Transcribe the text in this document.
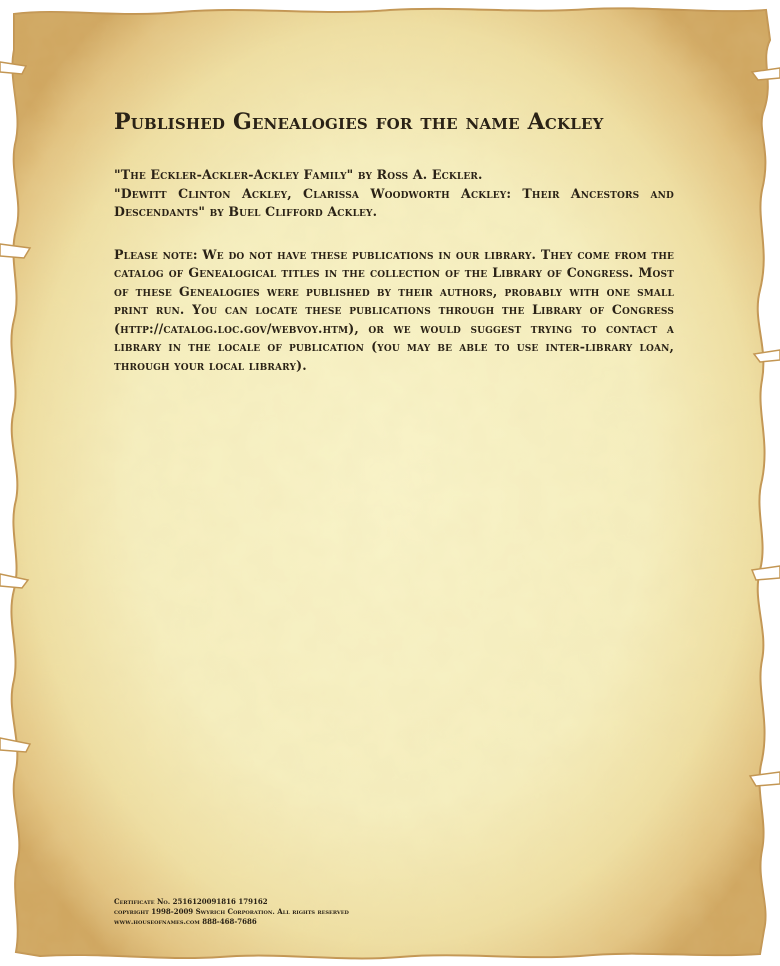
Published Genealogies for the name Ackley
"The Eckler-Ackler-Ackley Family" by Ross A. Eckler.
"Dewitt Clinton Ackley, Clarissa Woodworth Ackley: Their Ancestors and Descendants" by Buel Clifford Ackley.

Please note: We do not have these publications in our library. They come from the catalog of Genealogical titles in the collection of the Library of Congress. Most of these Genealogies were published by their authors, probably with one small print run. You can locate these publications through the Library of Congress (http://catalog.loc.gov/webvoy.htm), or we would suggest trying to contact a library in the locale of publication (you may be able to use inter-library loan, through your local library).

Certificate No. 2516120091816 179162
copyright 1998-2009 Swyrich Corporation. All rights reserved
www.houseofnames.com 888-468-7686
